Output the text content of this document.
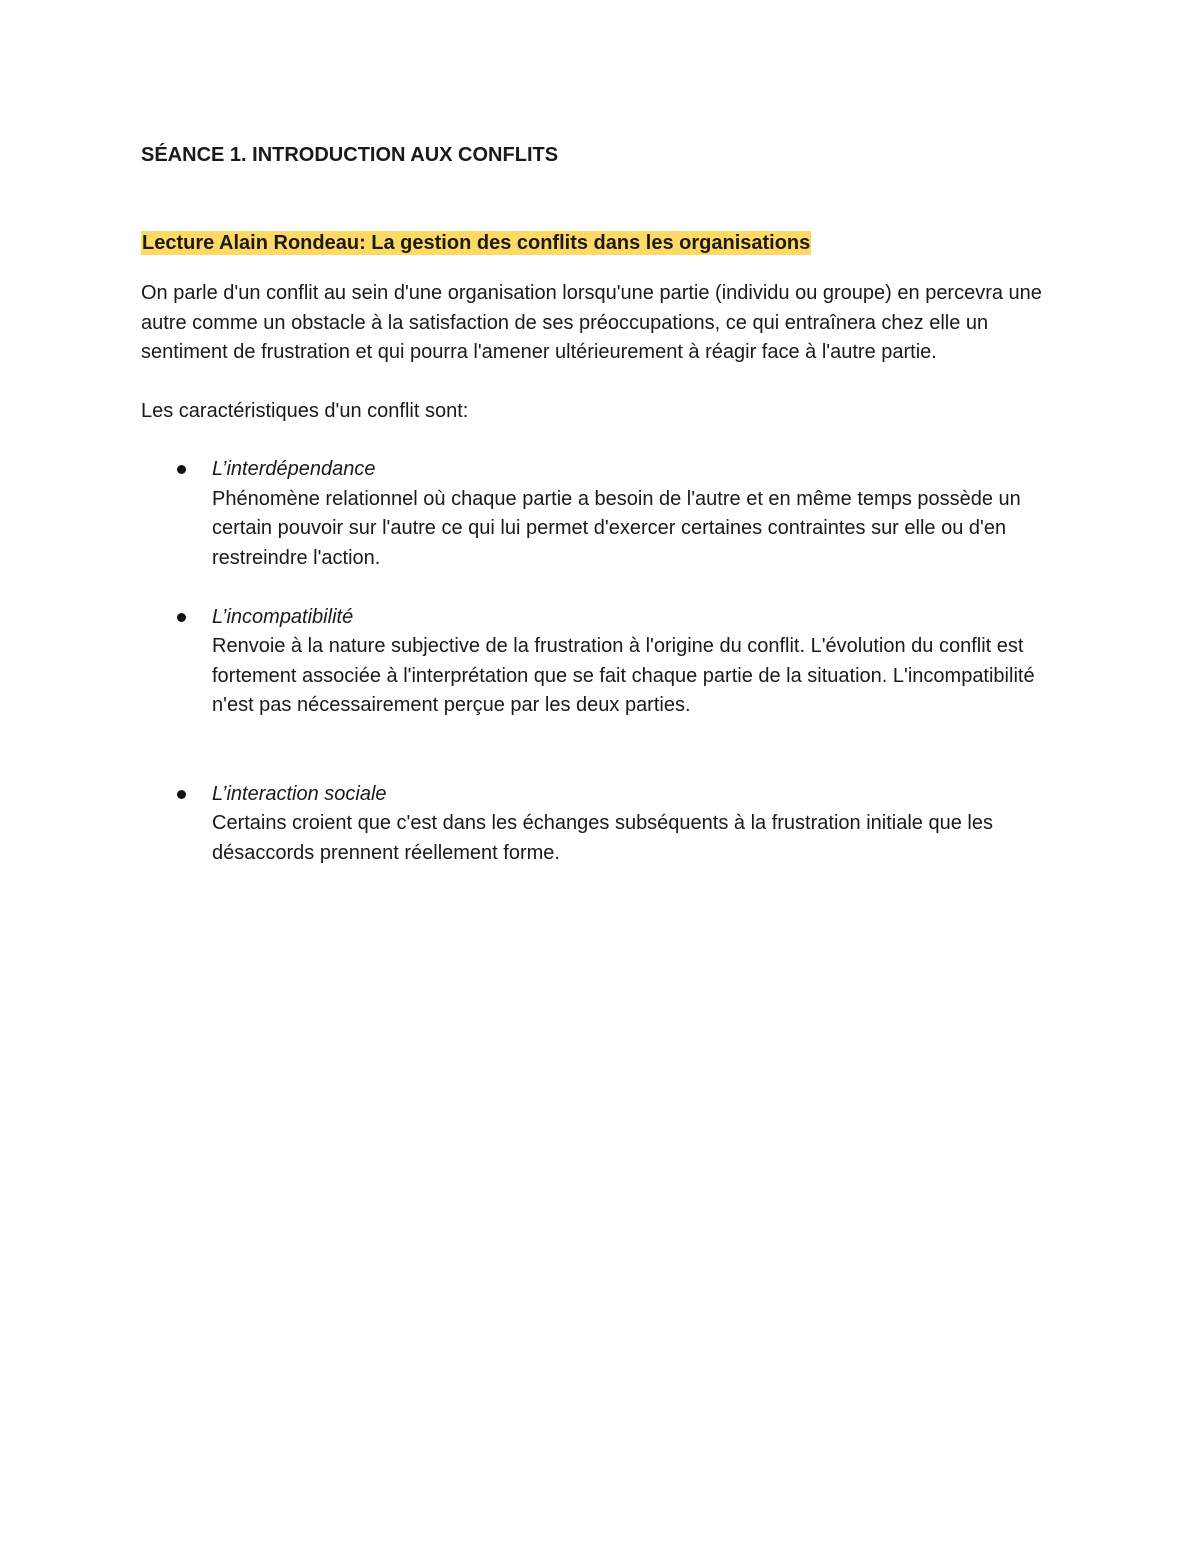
SÉANCE 1. INTRODUCTION AUX CONFLITS
Lecture Alain Rondeau: La gestion des conflits dans les organisations

On parle d'un conflit au sein d'une organisation lorsqu'une partie (individu ou groupe) en percevra une autre comme un obstacle à la satisfaction de ses préoccupations, ce qui entraînera chez elle un sentiment de frustration et qui pourra l'amener ultérieurement à réagir face à l'autre partie.

Les caractéristiques d'un conflit sont:

L’interdépendance
Phénomène relationnel où chaque partie a besoin de l'autre et en même temps possède un certain pouvoir sur l'autre ce qui lui permet d'exercer certaines contraintes sur elle ou d'en restreindre l'action.
L’incompatibilité
Renvoie à la nature subjective de la frustration à l'origine du conflit. L'évolution du conflit est fortement associée à l'interprétation que se fait chaque partie de la situation. L'incompatibilité n'est pas nécessairement perçue par les deux parties.
L’interaction sociale
Certains croient que c'est dans les échanges subséquents à la frustration initiale que les désaccords prennent réellement forme.
